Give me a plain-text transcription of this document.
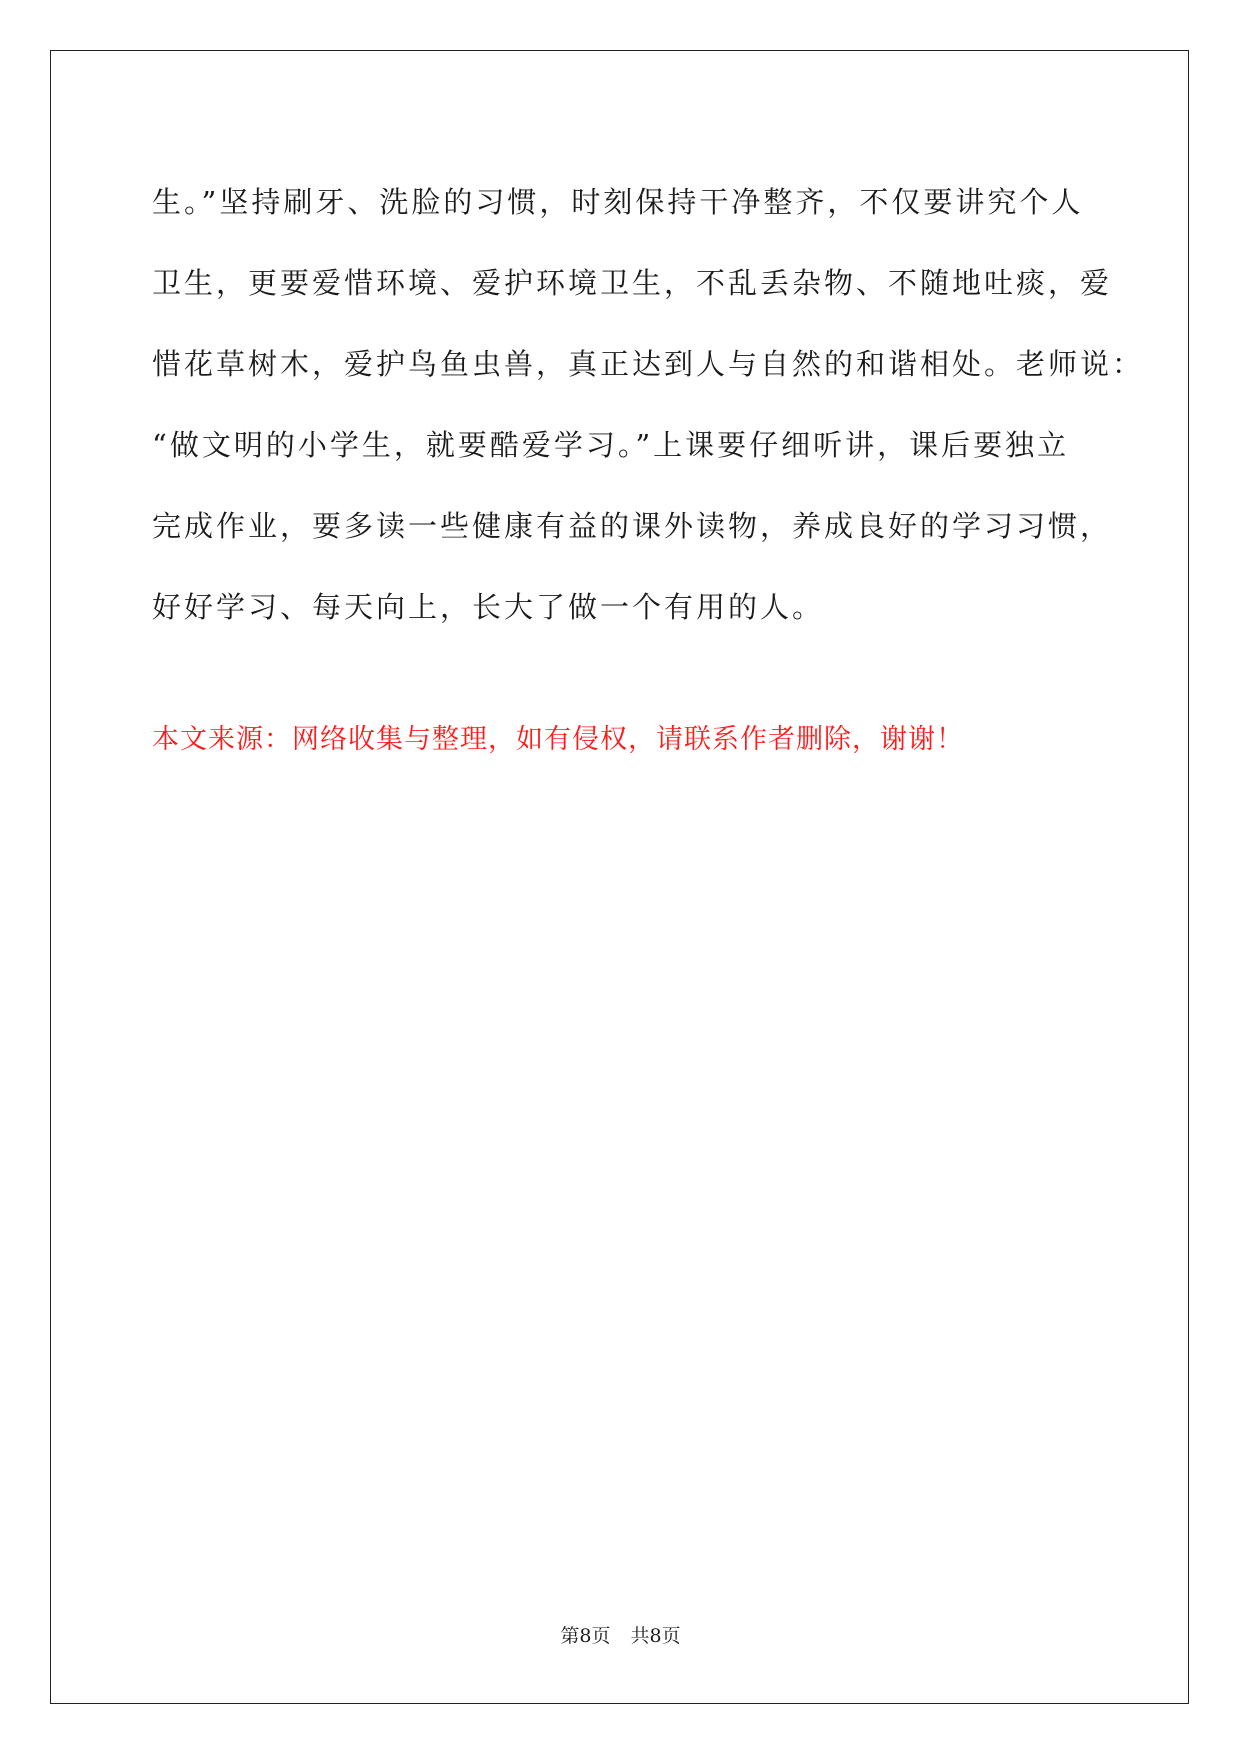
生。”坚持刷牙、洗脸的习惯，时刻保持干净整齐，不仅要讲究个人
卫生，更要爱惜环境、爱护环境卫生，不乱丢杂物、不随地吐痰，爱
惜花草树木，爱护鸟鱼虫兽，真正达到人与自然的和谐相处。老师说：
“做文明的小学生，就要酷爱学习。”上课要仔细听讲，课后要独立
完成作业，要多读一些健康有益的课外读物，养成良好的学习习惯，
好好学习、每天向上，长大了做一个有用的人。

本文来源：网络收集与整理，如有侵权，请联系作者删除，谢谢！

第8页 共8页
